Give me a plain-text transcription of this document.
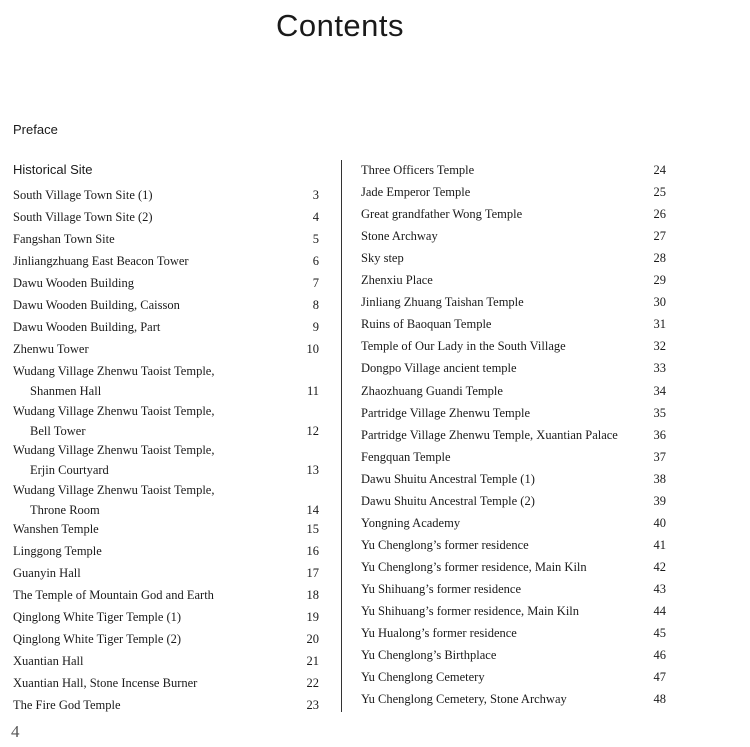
Contents
Preface
Historical Site
South Village Town Site (1)	3
South Village Town Site (2)	4
Fangshan Town Site	5
Jinliangzhuang East Beacon Tower	6
Dawu Wooden Building	7
Dawu Wooden Building, Caisson	8
Dawu Wooden Building, Part	9
Zhenwu Tower	10
Wudang Village Zhenwu Taoist Temple,
Shanmen Hall	11
Wudang Village Zhenwu Taoist Temple,
Bell Tower	12
Wudang Village Zhenwu Taoist Temple,
Erjin Courtyard	13
Wudang Village Zhenwu Taoist Temple,
Throne Room	14
Wanshen Temple	15
Linggong Temple	16
Guanyin Hall	17
The Temple of Mountain God and Earth	18
Qinglong White Tiger Temple (1)	19
Qinglong White Tiger Temple (2)	20
Xuantian Hall	21
Xuantian Hall, Stone Incense Burner	22
The Fire God Temple	23
Three Officers Temple	24
Jade Emperor Temple	25
Great grandfather Wong Temple	26
Stone Archway	27
Sky step	28
Zhenxiu Place	29
Jinliang Zhuang Taishan Temple	30
Ruins of Baoquan Temple	31
Temple of Our Lady in the South Village	32
Dongpo Village ancient temple	33
Zhaozhuang Guandi Temple	34
Partridge Village Zhenwu Temple	35
Partridge Village Zhenwu Temple, Xuantian Palace	36
Fengquan Temple	37
Dawu Shuitu Ancestral Temple (1)	38
Dawu Shuitu Ancestral Temple (2)	39
Yongning Academy	40
Yu Chenglong’s former residence	41
Yu Chenglong’s former residence, Main Kiln	42
Yu Shihuang’s former residence	43
Yu Shihuang’s former residence, Main Kiln	44
Yu Hualong’s former residence	45
Yu Chenglong’s Birthplace	46
Yu Chenglong Cemetery	47
Yu Chenglong Cemetery, Stone Archway	48
4
